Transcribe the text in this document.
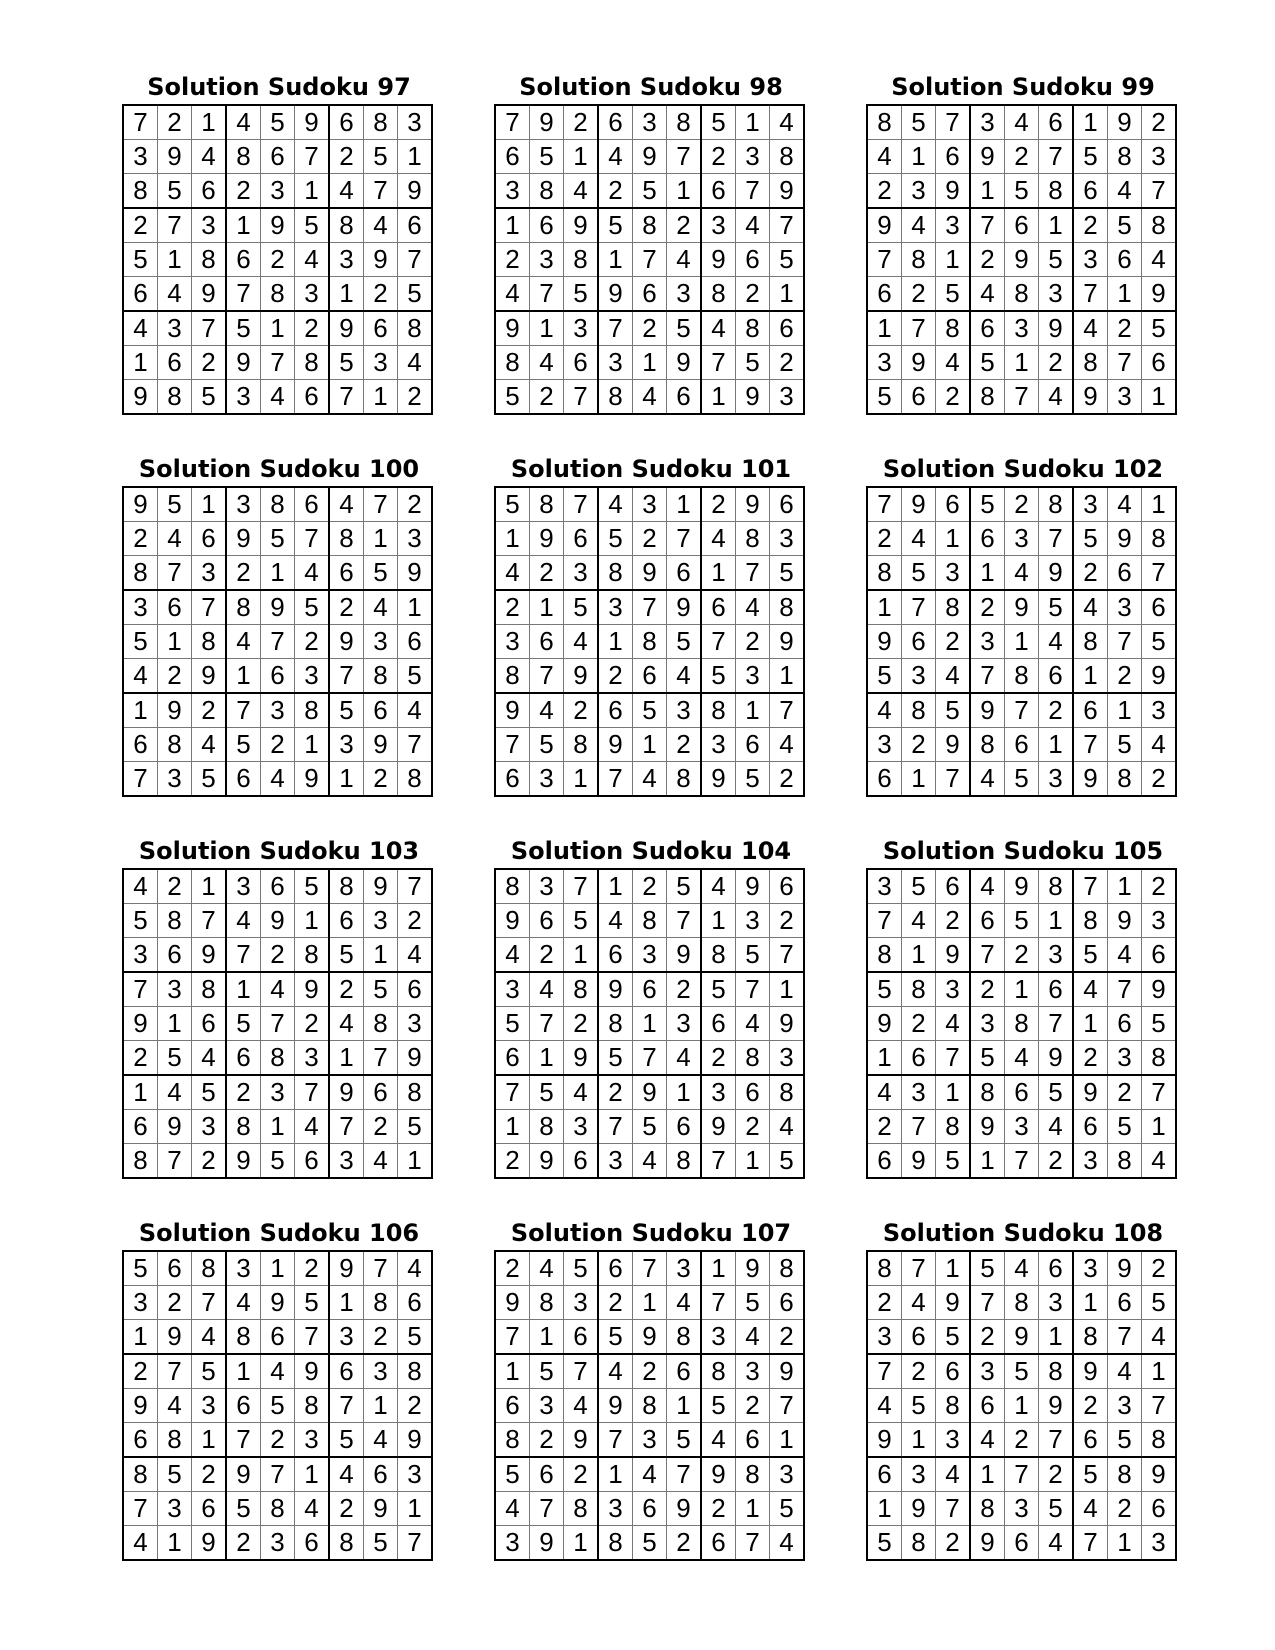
Solution Sudoku 97
7	2	1	4	5	9	6	8	3
3	9	4	8	6	7	2	5	1
8	5	6	2	3	1	4	7	9
2	7	3	1	9	5	8	4	6
5	1	8	6	2	4	3	9	7
6	4	9	7	8	3	1	2	5
4	3	7	5	1	2	9	6	8
1	6	2	9	7	8	5	3	4
9	8	5	3	4	6	7	1	2
Solution Sudoku 98
7	9	2	6	3	8	5	1	4
6	5	1	4	9	7	2	3	8
3	8	4	2	5	1	6	7	9
1	6	9	5	8	2	3	4	7
2	3	8	1	7	4	9	6	5
4	7	5	9	6	3	8	2	1
9	1	3	7	2	5	4	8	6
8	4	6	3	1	9	7	5	2
5	2	7	8	4	6	1	9	3
Solution Sudoku 99
8	5	7	3	4	6	1	9	2
4	1	6	9	2	7	5	8	3
2	3	9	1	5	8	6	4	7
9	4	3	7	6	1	2	5	8
7	8	1	2	9	5	3	6	4
6	2	5	4	8	3	7	1	9
1	7	8	6	3	9	4	2	5
3	9	4	5	1	2	8	7	6
5	6	2	8	7	4	9	3	1
Solution Sudoku 100
9	5	1	3	8	6	4	7	2
2	4	6	9	5	7	8	1	3
8	7	3	2	1	4	6	5	9
3	6	7	8	9	5	2	4	1
5	1	8	4	7	2	9	3	6
4	2	9	1	6	3	7	8	5
1	9	2	7	3	8	5	6	4
6	8	4	5	2	1	3	9	7
7	3	5	6	4	9	1	2	8
Solution Sudoku 101
5	8	7	4	3	1	2	9	6
1	9	6	5	2	7	4	8	3
4	2	3	8	9	6	1	7	5
2	1	5	3	7	9	6	4	8
3	6	4	1	8	5	7	2	9
8	7	9	2	6	4	5	3	1
9	4	2	6	5	3	8	1	7
7	5	8	9	1	2	3	6	4
6	3	1	7	4	8	9	5	2
Solution Sudoku 102
7	9	6	5	2	8	3	4	1
2	4	1	6	3	7	5	9	8
8	5	3	1	4	9	2	6	7
1	7	8	2	9	5	4	3	6
9	6	2	3	1	4	8	7	5
5	3	4	7	8	6	1	2	9
4	8	5	9	7	2	6	1	3
3	2	9	8	6	1	7	5	4
6	1	7	4	5	3	9	8	2
Solution Sudoku 103
4	2	1	3	6	5	8	9	7
5	8	7	4	9	1	6	3	2
3	6	9	7	2	8	5	1	4
7	3	8	1	4	9	2	5	6
9	1	6	5	7	2	4	8	3
2	5	4	6	8	3	1	7	9
1	4	5	2	3	7	9	6	8
6	9	3	8	1	4	7	2	5
8	7	2	9	5	6	3	4	1
Solution Sudoku 104
8	3	7	1	2	5	4	9	6
9	6	5	4	8	7	1	3	2
4	2	1	6	3	9	8	5	7
3	4	8	9	6	2	5	7	1
5	7	2	8	1	3	6	4	9
6	1	9	5	7	4	2	8	3
7	5	4	2	9	1	3	6	8
1	8	3	7	5	6	9	2	4
2	9	6	3	4	8	7	1	5
Solution Sudoku 105
3	5	6	4	9	8	7	1	2
7	4	2	6	5	1	8	9	3
8	1	9	7	2	3	5	4	6
5	8	3	2	1	6	4	7	9
9	2	4	3	8	7	1	6	5
1	6	7	5	4	9	2	3	8
4	3	1	8	6	5	9	2	7
2	7	8	9	3	4	6	5	1
6	9	5	1	7	2	3	8	4
Solution Sudoku 106
5	6	8	3	1	2	9	7	4
3	2	7	4	9	5	1	8	6
1	9	4	8	6	7	3	2	5
2	7	5	1	4	9	6	3	8
9	4	3	6	5	8	7	1	2
6	8	1	7	2	3	5	4	9
8	5	2	9	7	1	4	6	3
7	3	6	5	8	4	2	9	1
4	1	9	2	3	6	8	5	7
Solution Sudoku 107
2	4	5	6	7	3	1	9	8
9	8	3	2	1	4	7	5	6
7	1	6	5	9	8	3	4	2
1	5	7	4	2	6	8	3	9
6	3	4	9	8	1	5	2	7
8	2	9	7	3	5	4	6	1
5	6	2	1	4	7	9	8	3
4	7	8	3	6	9	2	1	5
3	9	1	8	5	2	6	7	4
Solution Sudoku 108
8	7	1	5	4	6	3	9	2
2	4	9	7	8	3	1	6	5
3	6	5	2	9	1	8	7	4
7	2	6	3	5	8	9	4	1
4	5	8	6	1	9	2	3	7
9	1	3	4	2	7	6	5	8
6	3	4	1	7	2	5	8	9
1	9	7	8	3	5	4	2	6
5	8	2	9	6	4	7	1	3
